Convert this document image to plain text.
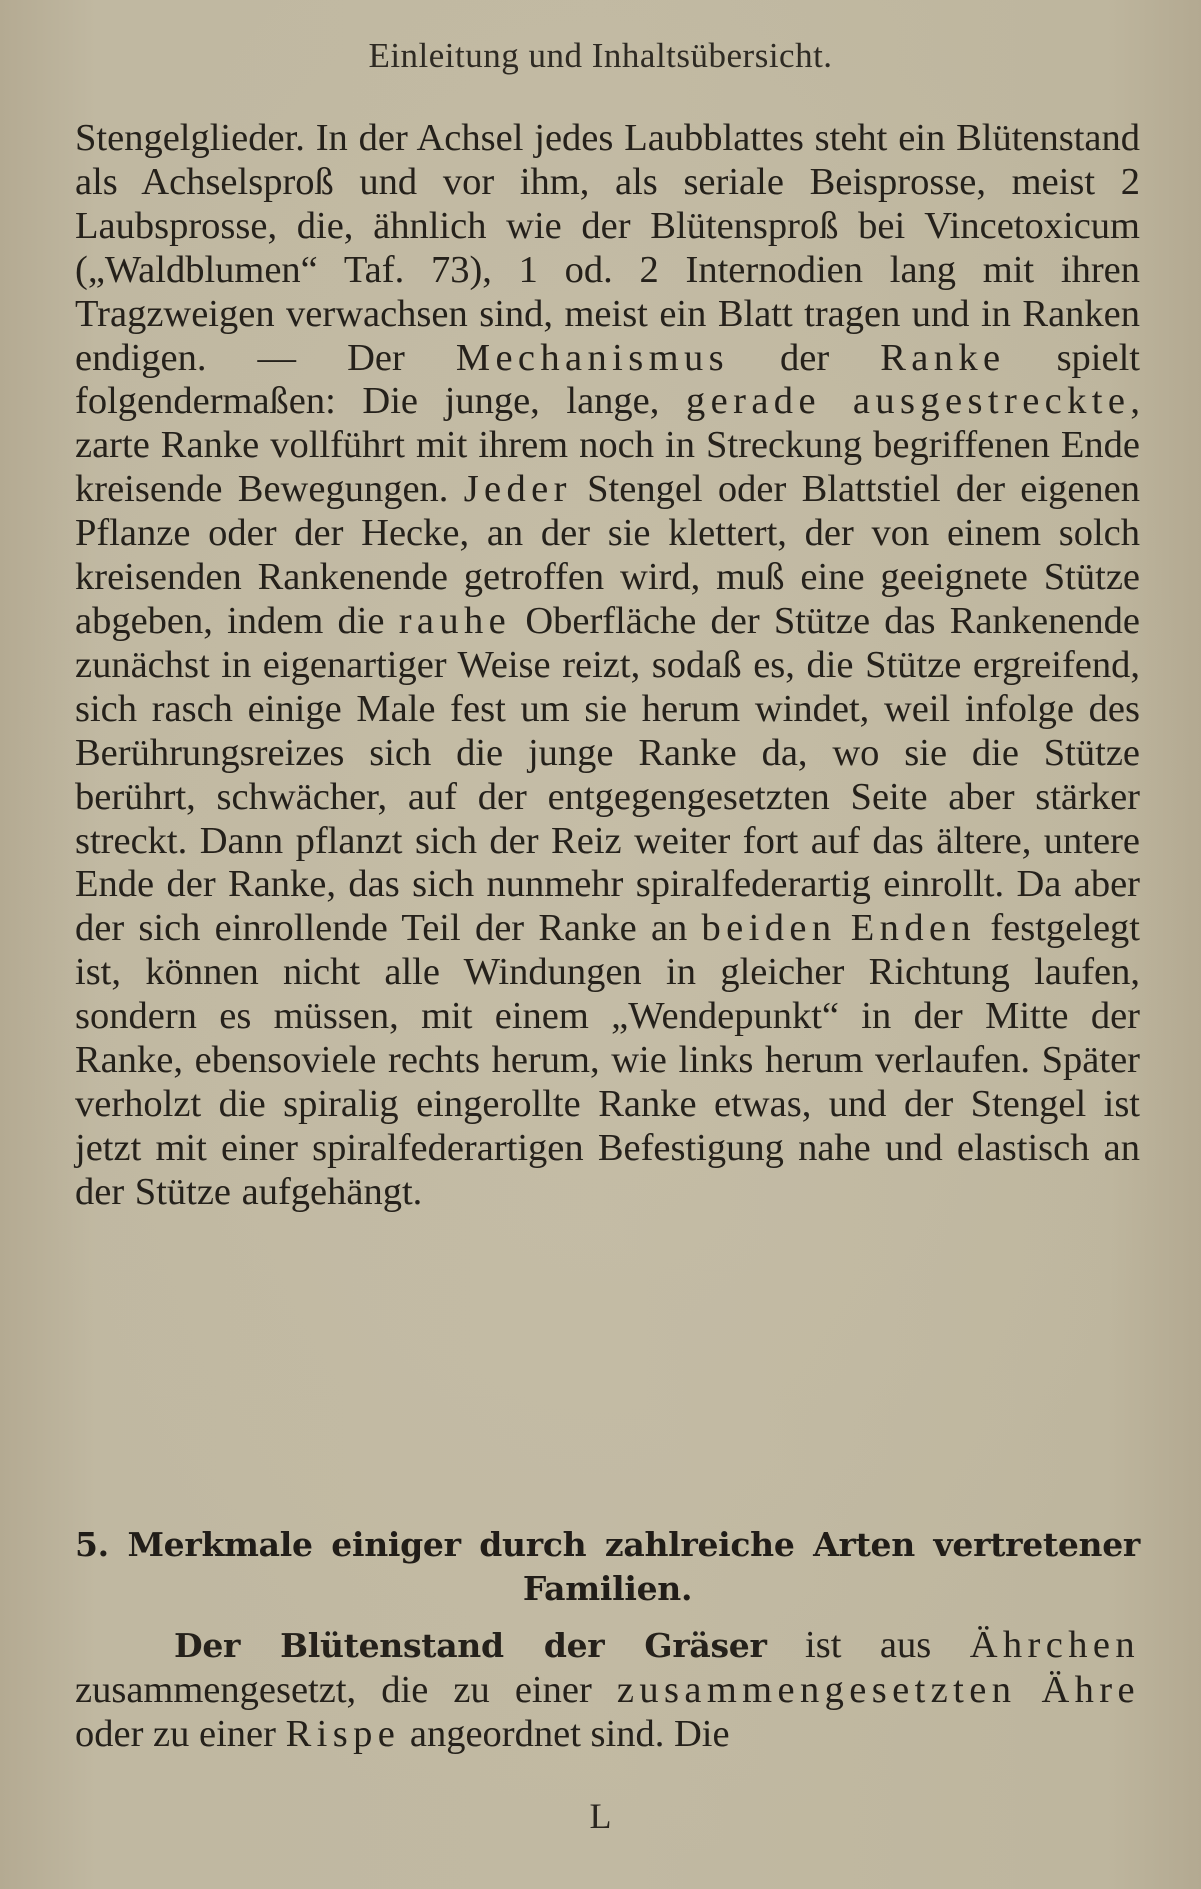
Einleitung und Inhaltsübersicht.
Stengelglieder. In der Achsel jedes Laubblattes steht ein Blütenstand als Achselsproß und vor ihm, als seriale Beisprosse, meist 2 Laubsprosse, die, ähnlich wie der Blütensproß bei Vincetoxicum („Waldblumen“ Taf. 73), 1 od. 2 Internodien lang mit ihren Tragzweigen verwachsen sind, meist ein Blatt tragen und in Ranken endigen. — Der Mechanismus der Ranke spielt folgendermaßen: Die junge, lange, gerade ausgestreckte, zarte Ranke vollführt mit ihrem noch in Streckung begriffenen Ende kreisende Bewegungen. Jeder Stengel oder Blattstiel der eigenen Pflanze oder der Hecke, an der sie klettert, der von einem solch kreisenden Rankenende getroffen wird, muß eine geeignete Stütze abgeben, indem die rauhe Oberfläche der Stütze das Rankenende zunächst in eigenartiger Weise reizt, sodaß es, die Stütze ergreifend, sich rasch einige Male fest um sie herum windet, weil infolge des Berührungsreizes sich die junge Ranke da, wo sie die Stütze berührt, schwächer, auf der entgegengesetzten Seite aber stärker streckt. Dann pflanzt sich der Reiz weiter fort auf das ältere, untere Ende der Ranke, das sich nunmehr spiralfederartig einrollt. Da aber der sich einrollende Teil der Ranke an beiden Enden festgelegt ist, können nicht alle Windungen in gleicher Richtung laufen, sondern es müssen, mit einem „Wendepunkt“ in der Mitte der Ranke, ebensoviele rechts herum, wie links herum verlaufen. Später verholzt die spiralig eingerollte Ranke etwas, und der Stengel ist jetzt mit einer spiralfederartigen Befestigung nahe und elastisch an der Stütze aufgehängt.
5. Merkmale einiger durch zahlreiche Arten vertretener
Familien.
Der Blütenstand der Gräser ist aus Ährchen zusammengesetzt, die zu einer zusammengesetzten Ähre oder zu einer Rispe angeordnet sind. Die
L
